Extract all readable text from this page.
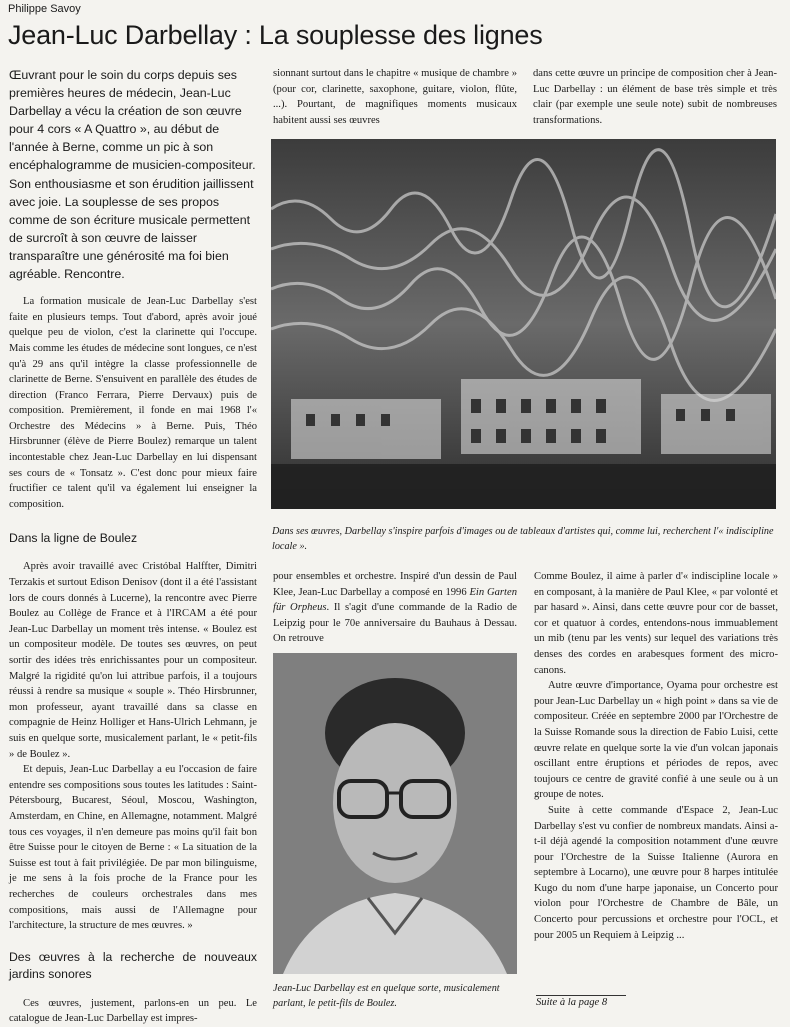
Philippe Savoy
Jean-Luc Darbellay : La souplesse des lignes

Œuvrant pour le soin du corps depuis ses premières heures de médecin, Jean-Luc Darbellay a vécu la création de son œuvre pour 4 cors « A Quattro », au début de l'année à Berne, comme un pic à son encéphalogramme de musicien-compositeur. Son enthousiasme et son érudition jaillissent avec joie. La souplesse de ses propos comme de son écriture musicale permettent de surcroît à son œuvre de laisser transparaître une générosité ma foi bien agréable. Rencontre.

La formation musicale de Jean-Luc Darbellay s'est faite en plusieurs temps. Tout d'abord, après avoir joué quelque peu de violon, c'est la clarinette qui l'occupe. Mais comme les études de médecine sont longues, ce n'est qu'à 29 ans qu'il intègre la classe professionnelle de clarinette de Berne. S'ensuivent en parallèle des études de direction (Franco Ferrara, Pierre Dervaux) puis de composition. Premièrement, il fonde en mai 1968 l'« Orchestre des Médecins » à Berne. Puis, Théo Hirsbrunner (élève de Pierre Boulez) remarque un talent incontestable chez Jean-Luc Darbellay en lui dispensant ses cours de « Tonsatz ». C'est donc pour mieux faire fructifier ce talent qu'il va également lui enseigner la composition.

Dans la ligne de Boulez

Après avoir travaillé avec Cristóbal Halffter, Dimitri Terzakis et surtout Edison Denisov (dont il a été l'assistant lors de cours donnés à Lucerne), la rencontre avec Pierre Boulez au Collège de France et à l'IRCAM a été pour Jean-Luc Darbellay un moment très intense. « Boulez est un compositeur modèle. De toutes ses œuvres, on peut sortir des idées très enrichissantes pour un compositeur. Malgré la rigidité qu'on lui attribue parfois, il a toujours réussi à rendre sa musique « souple ». Théo Hirsbrunner, mon professeur, ayant travaillé dans sa classe en compagnie de Heinz Holliger et Hans-Ulrich Lehmann, je suis en quelque sorte, musicalement parlant, le « petit-fils » de Boulez ».

Et depuis, Jean-Luc Darbellay a eu l'occasion de faire entendre ses compositions sous toutes les latitudes : Saint-Pétersbourg, Bucarest, Séoul, Moscou, Washington, Amsterdam, en Chine, en Allemagne, notamment. Malgré tous ces voyages, il n'en demeure pas moins qu'il fait bon être Suisse pour le citoyen de Berne : « La situation de la Suisse est tout à fait privilégiée. De par mon bilinguisme, je me sens à la fois proche de la France pour les recherches de couleurs orchestrales dans mes compositions, mais aussi de l'Allemagne pour l'architecture, la structure de mes œuvres. »

Des œuvres à la recherche de nouveaux jardins sonores

Ces œuvres, justement, parlons-en un peu. Le catalogue de Jean-Luc Darbellay est impres-

sionnant surtout dans le chapitre « musique de chambre » (pour cor, clarinette, saxophone, guitare, violon, flûte, ...). Pourtant, de magnifiques moments musicaux habitent aussi ses œuvres

dans cette œuvre un principe de composition cher à Jean-Luc Darbellay : un élément de base très simple et très clair (par exemple une seule note) subit de nombreuses transformations.

Dans ses œuvres, Darbellay s'inspire parfois d'images ou de tableaux d'artistes qui, comme lui, recherchent l'« indiscipline locale ».

pour ensembles et orchestre. Inspiré d'un dessin de Paul Klee, Jean-Luc Darbellay a composé en 1996 Ein Garten für Orpheus. Il s'agit d'une commande de la Radio de Leipzig pour le 70e anniversaire du Bauhaus à Dessau. On retrouve

Jean-Luc Darbellay est en quelque sorte, musicalement parlant, le petit-fils de Boulez.

Comme Boulez, il aime à parler d'« indiscipline locale » en composant, à la manière de Paul Klee, « par volonté et par hasard ». Ainsi, dans cette œuvre pour cor de basset, cor et quatuor à cordes, entendons-nous immuablement un mib (tenu par les vents) sur lequel des variations très denses des cordes en arabesques forment des micro-canons.

Autre œuvre d'importance, Oyama pour orchestre est pour Jean-Luc Darbellay un « high point » dans sa vie de compositeur. Créée en septembre 2000 par l'Orchestre de la Suisse Romande sous la direction de Fabio Luisi, cette œuvre relate en quelque sorte la vie d'un volcan japonais oscillant entre éruptions et périodes de repos, avec toujours ce centre de gravité confié à une seule ou à un groupe de notes.

Suite à cette commande d'Espace 2, Jean-Luc Darbellay s'est vu confier de nombreux mandats. Ainsi a-t-il déjà agendé la composition notamment d'une œuvre pour l'Orchestre de la Suisse Italienne (Aurora en septembre à Locarno), une œuvre pour 8 harpes intitulée Kugo du nom d'une harpe japonaise, un Concerto pour violon pour l'Orchestre de Chambre de Bâle, un Concerto pour percussions et orchestre pour l'OCL, et pour 2005 un Requiem à Leipzig ...

Suite à la page 8
